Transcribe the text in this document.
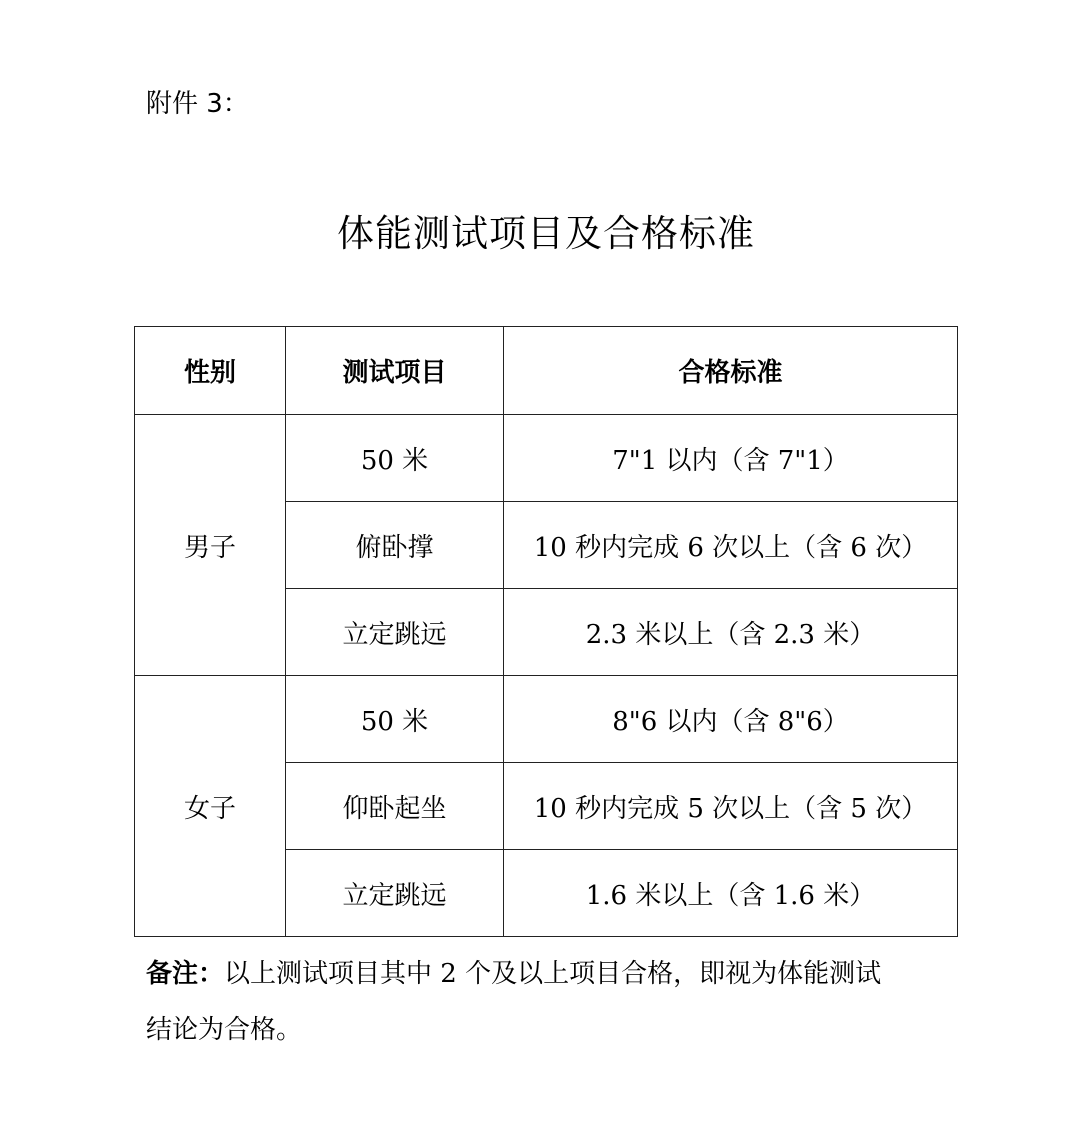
附件 3：
体能测试项目及合格标准
性别	测试项目	合格标准
男子	50 米	7"1 以内（含 7"1）
	俯卧撑	10 秒内完成 6 次以上（含 6 次）
	立定跳远	2.3 米以上（含 2.3 米）
女子	50 米	8"6 以内（含 8"6）
	仰卧起坐	10 秒内完成 5 次以上（含 5 次）
	立定跳远	1.6 米以上（含 1.6 米）
备注：以上测试项目其中 2 个及以上项目合格，即视为体能测试
结论为合格。
